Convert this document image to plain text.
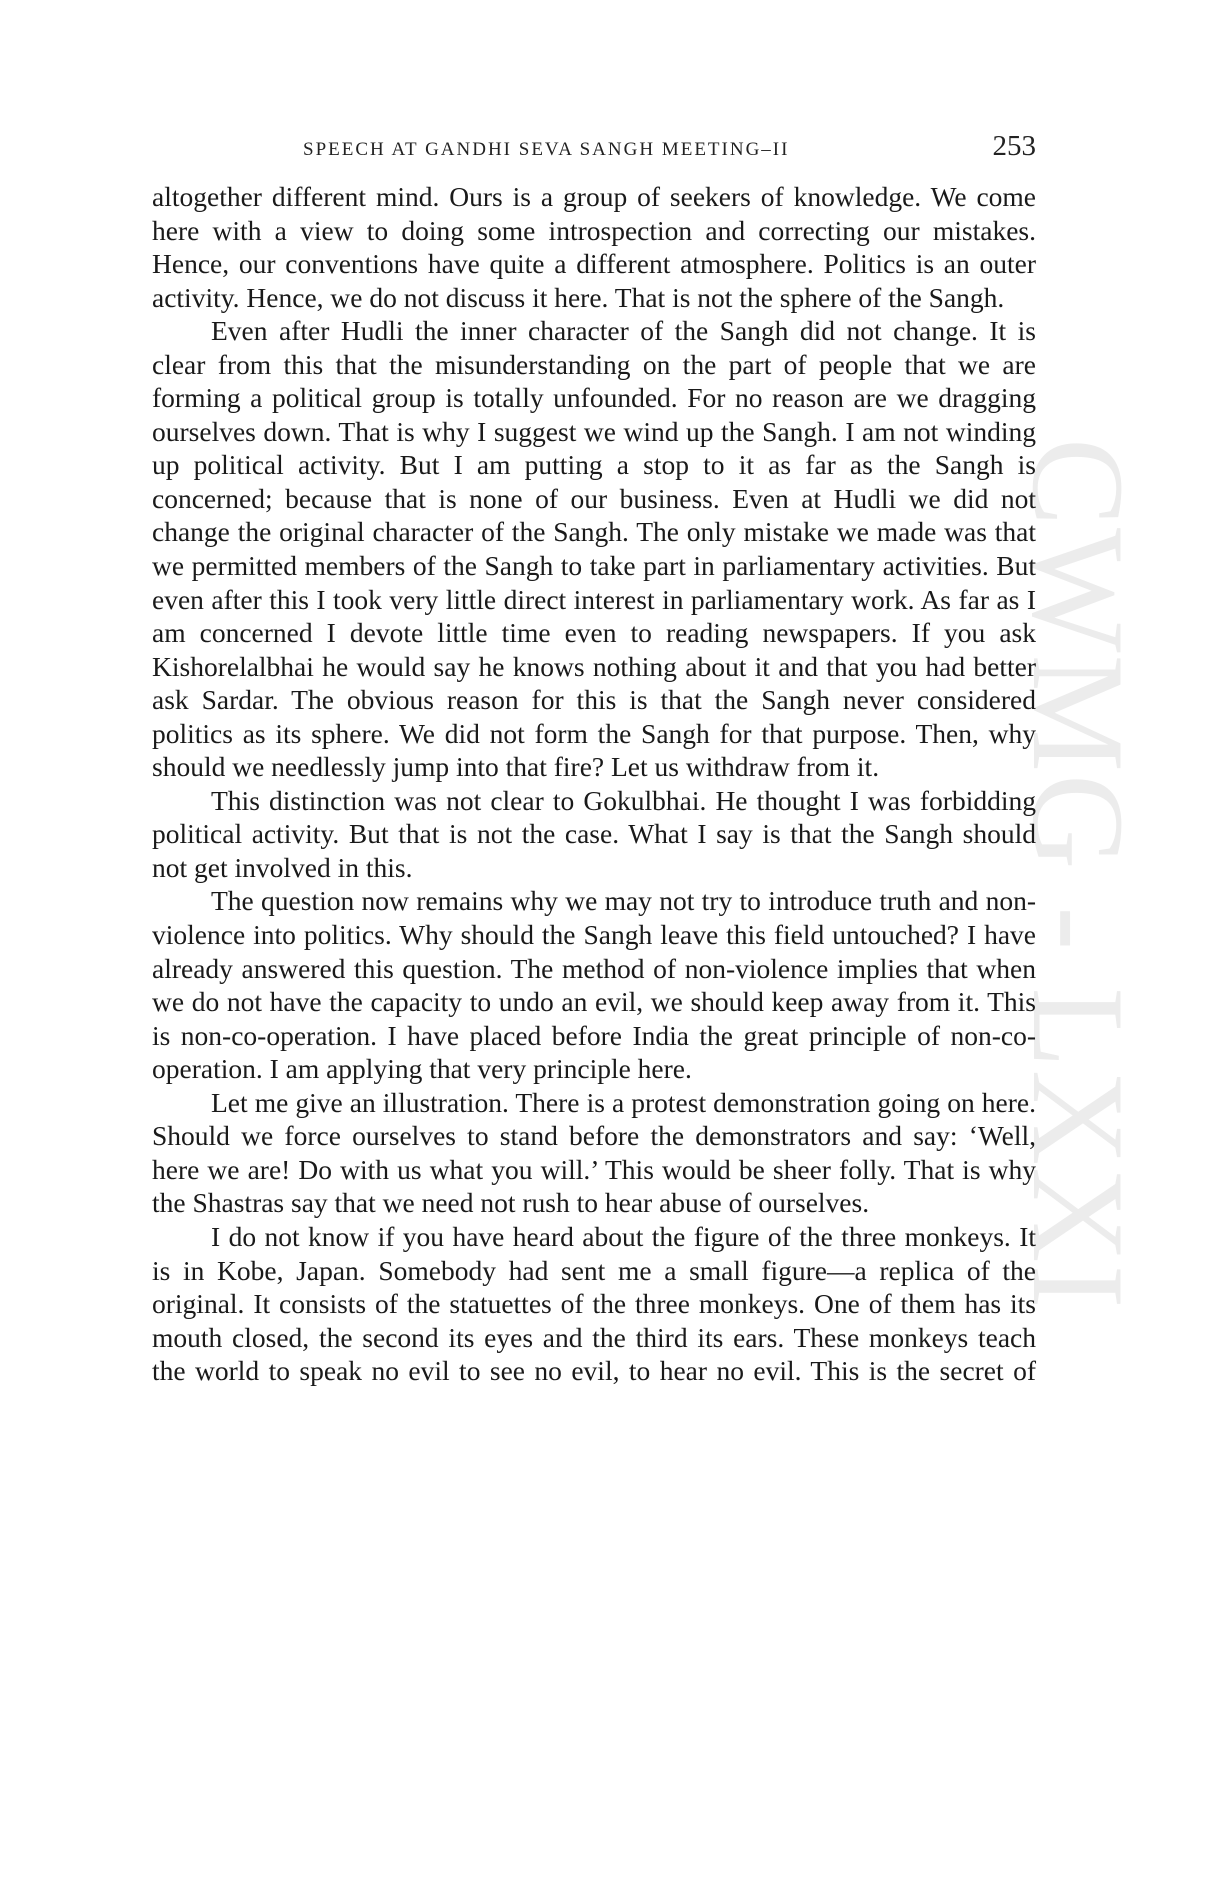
CWMG - LXXI
SPEECH AT GANDHI SEVA SANGH MEETING–II	253

altogether different mind. Ours is a group of seekers of knowledge. We come here with a view to doing some introspection and correcting our mistakes. Hence, our conventions have quite a different atmosphere. Politics is an outer activity. Hence, we do not discuss it here. That is not the sphere of the Sangh.

Even after Hudli the inner character of the Sangh did not change. It is clear from this that the misunderstanding on the part of people that we are forming a political group is totally unfounded. For no reason are we dragging ourselves down. That is why I suggest we wind up the Sangh. I am not winding up political activity. But I am putting a stop to it as far as the Sangh is concerned; because that is none of our business. Even at Hudli we did not change the original character of the Sangh. The only mistake we made was that we permitted members of the Sangh to take part in parliamentary activities. But even after this I took very little direct interest in parliamentary work. As far as I am concerned I devote little time even to reading newspapers. If you ask Kishorelalbhai he would say he knows nothing about it and that you had better ask Sardar. The obvious reason for this is that the Sangh never considered politics as its sphere. We did not form the Sangh for that purpose. Then, why should we needlessly jump into that fire? Let us withdraw from it.

This distinction was not clear to Gokulbhai. He thought I was forbidding political activity. But that is not the case. What I say is that the Sangh should not get involved in this.

The question now remains why we may not try to introduce truth and non-violence into politics. Why should the Sangh leave this field untouched? I have already answered this question. The method of non-violence implies that when we do not have the capacity to undo an evil, we should keep away from it. This is non-co-operation. I have placed before India the great principle of non-co-operation. I am applying that very principle here.

Let me give an illustration. There is a protest demonstration going on here. Should we force ourselves to stand before the demonstrators and say: ‘Well, here we are! Do with us what you will.’ This would be sheer folly. That is why the Shastras say that we need not rush to hear abuse of ourselves.

I do not know if you have heard about the figure of the three monkeys. It is in Kobe, Japan. Somebody had sent me a small figure—a replica of the original. It consists of the statuettes of the three monkeys. One of them has its mouth closed, the second its eyes and the third its ears. These monkeys teach the world to speak no evil to see no evil, to hear no evil. This is the secret of
